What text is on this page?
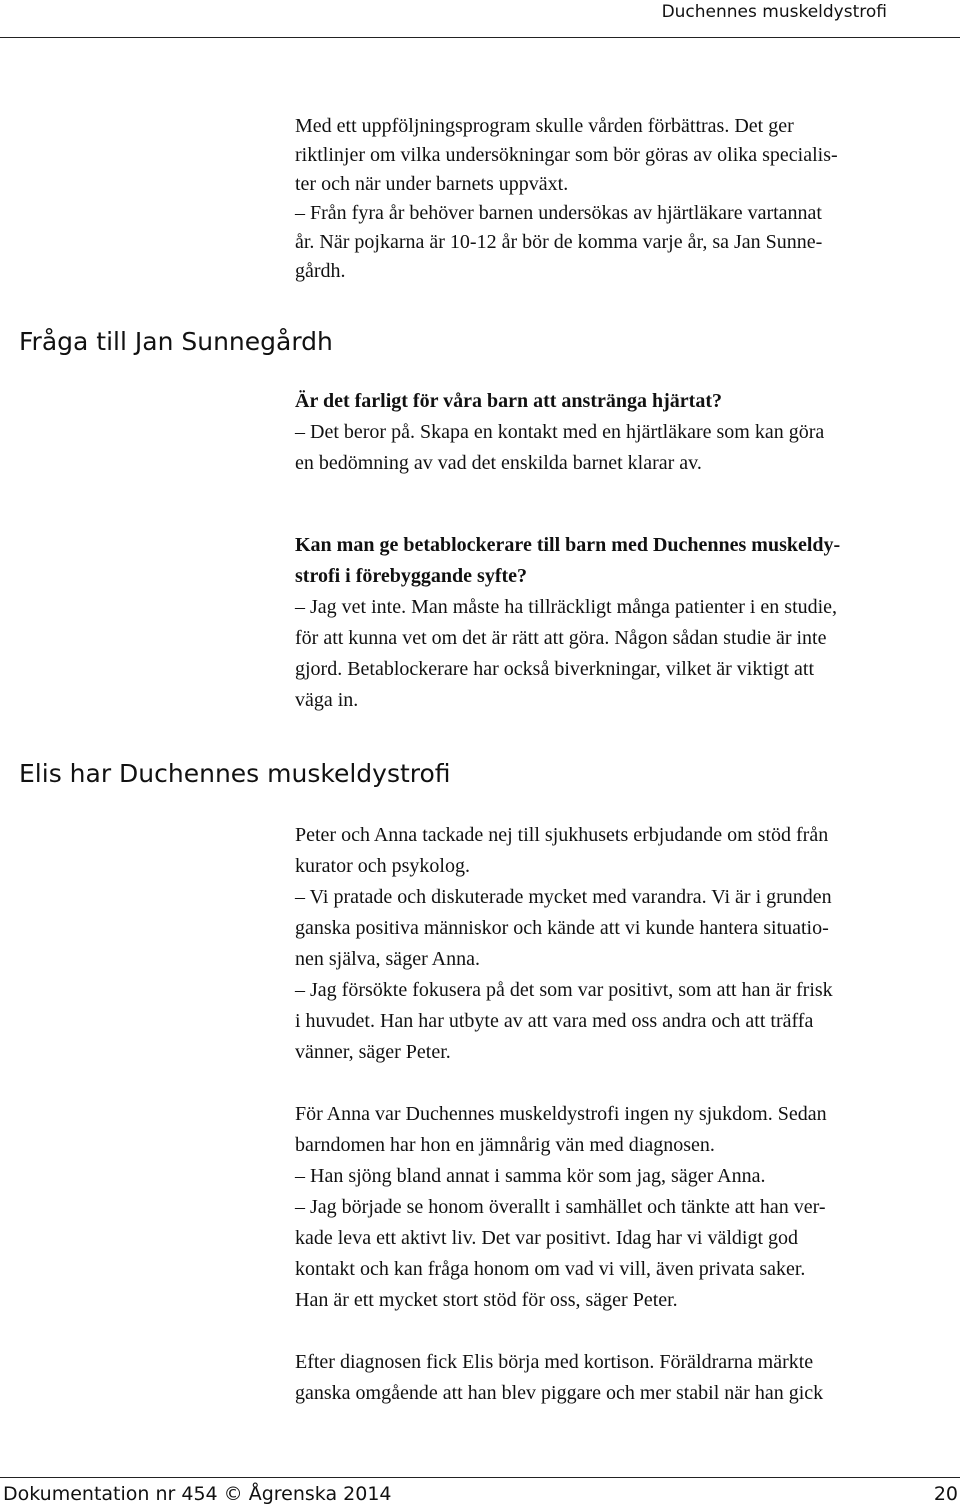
Duchennes muskeldystrofi

Med ett uppföljningsprogram skulle vården förbättras. Det ger
riktlinjer om vilka undersökningar som bör göras av olika specialis-
ter och när under barnets uppväxt.
– Från fyra år behöver barnen undersökas av hjärtläkare vartannat
år. När pojkarna är 10-12 år bör de komma varje år, sa Jan Sunne-
gårdh.

Fråga till Jan Sunnegårdh

Är det farligt för våra barn att anstränga hjärtat?
– Det beror på. Skapa en kontakt med en hjärtläkare som kan göra
en bedömning av vad det enskilda barnet klarar av.

Kan man ge betablockerare till barn med Duchennes muskeldy-
strofi i förebyggande syfte?
– Jag vet inte. Man måste ha tillräckligt många patienter i en studie,
för att kunna vet om det är rätt att göra. Någon sådan studie är inte
gjord. Betablockerare har också biverkningar, vilket är viktigt att
väga in.

Elis har Duchennes muskeldystrofi

Peter och Anna tackade nej till sjukhusets erbjudande om stöd från
kurator och psykolog.
– Vi pratade och diskuterade mycket med varandra. Vi är i grunden
ganska positiva människor och kände att vi kunde hantera situatio-
nen själva, säger Anna.
– Jag försökte fokusera på det som var positivt, som att han är frisk
i huvudet. Han har utbyte av att vara med oss andra och att träffa
vänner, säger Peter.

För Anna var Duchennes muskeldystrofi ingen ny sjukdom. Sedan
barndomen har hon en jämnårig vän med diagnosen.
– Han sjöng bland annat i samma kör som jag, säger Anna.
– Jag började se honom överallt i samhället och tänkte att han ver-
kade leva ett aktivt liv. Det var positivt. Idag har vi väldigt god
kontakt och kan fråga honom om vad vi vill, även privata saker.
Han är ett mycket stort stöd för oss, säger Peter.

Efter diagnosen fick Elis börja med kortison. Föräldrarna märkte
ganska omgående att han blev piggare och mer stabil när han gick

Dokumentation nr 454 © Ågrenska 2014	20
